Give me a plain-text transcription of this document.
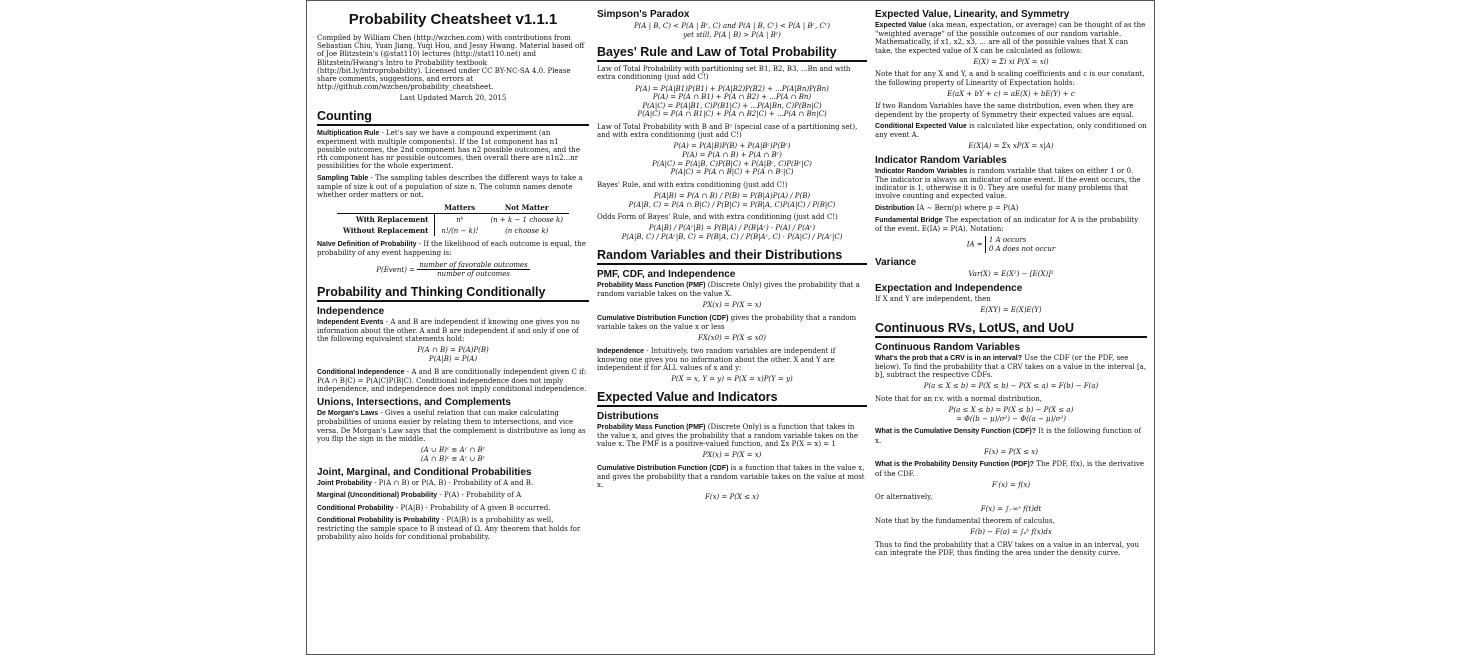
Probability Cheatsheet v1.1.1

Compiled by William Chen (http://wzchen.com) with contributions from Sebastian Chiu, Yuan Jiang, Yuqi Hou, and Jessy Hwang. Material based off of Joe Blitzstein's (@stat110) lectures (http://stat110.net) and Blitzstein/Hwang's Intro to Probability textbook (http://bit.ly/introprobability). Licensed under CC BY-NC-SA 4.0. Please share comments, suggestions, and errors at http://github.com/wzchen/probability_cheatsheet.

Last Updated March 20, 2015

Counting

Multiplication Rule - Let's say we have a compound experiment (an experiment with multiple components). If the 1st component has n1 possible outcomes, the 2nd component has n2 possible outcomes, and the rth component has nr possible outcomes, then overall there are n1n2...nr possibilities for the whole experiment.

Sampling Table - The sampling tables describes the different ways to take a sample of size k out of a population of size n. The column names denote whether order matters or not.

	Matters	Not Matter
With Replacement	nᵏ	(n + k − 1 choose k)
Without Replacement	n!/(n − k)!	(n choose k)

Naïve Definition of Probability - If the likelihood of each outcome is equal, the probability of any event happening is:

P(Event) = $\frac{\text{number of favorable outcomes}}{\text{number of outcomes}}$
Probability and Thinking Conditionally
Independence

Independent Events - A and B are independent if knowing one gives you no information about the other. A and B are independent if and only if one of the following equivalent statements hold:

P(A ∩ B) = P(A)P(B)
P(A|B) = P(A)

Conditional Independence - A and B are conditionally independent given C if: P(A ∩ B|C) = P(A|C)P(B|C). Conditional independence does not imply independence, and independence does not imply conditional independence.

Unions, Intersections, and Complements

De Morgan's Laws - Gives a useful relation that can make calculating probabilities of unions easier by relating them to intersections, and vice versa. De Morgan's Law says that the complement is distributive as long as you flip the sign in the middle.

(A ∪ B)ᶜ ≡ Aᶜ ∩ Bᶜ
(A ∩ B)ᶜ ≡ Aᶜ ∪ Bᶜ
Joint, Marginal, and Conditional Probabilities

Joint Probability - P(A ∩ B) or P(A, B) - Probability of A and B.

Marginal (Unconditional) Probability - P(A) - Probability of A

Conditional Probability - P(A|B) - Probability of A given B occurred.

Conditional Probability is Probability - P(A|B) is a probability as well, restricting the sample space to B instead of Ω. Any theorem that holds for probability also holds for conditional probability.

Simpson's Paradox
P(A | B, C) < P(A | Bᶜ, C) and P(A | B, Cᶜ) < P(A | Bᶜ, Cᶜ)
yet still, P(A | B) > P(A | Bᶜ)
Bayes' Rule and Law of Total Probability

Law of Total Probability with partitioning set B1, B2, B3, ...Bn and with extra conditioning (just add C!)

P(A) = P(A|B1)P(B1) + P(A|B2)P(B2) + ...P(A|Bn)P(Bn)
P(A) = P(A ∩ B1) + P(A ∩ B2) + ...P(A ∩ Bn)
P(A|C) = P(A|B1, C)P(B1|C) + ...P(A|Bn, C)P(Bn|C)
P(A|C) = P(A ∩ B1|C) + P(A ∩ B2|C) + ...P(A ∩ Bn|C)

Law of Total Probability with B and Bᶜ (special case of a partitioning set), and with extra conditioning (just add C!)

P(A) = P(A|B)P(B) + P(A|Bᶜ)P(Bᶜ)
P(A) = P(A ∩ B) + P(A ∩ Bᶜ)
P(A|C) = P(A|B, C)P(B|C) + P(A|Bᶜ, C)P(Bᶜ|C)
P(A|C) = P(A ∩ B|C) + P(A ∩ Bᶜ|C)

Bayes' Rule, and with extra conditioning (just add C!)

P(A|B) = P(A ∩ B) / P(B) = P(B|A)P(A) / P(B)
P(A|B, C) = P(A ∩ B|C) / P(B|C) = P(B|A, C)P(A|C) / P(B|C)

Odds Form of Bayes' Rule, and with extra conditioning (just add C!)

P(A|B) / P(Aᶜ|B) = P(B|A) / P(B|Aᶜ) · P(A) / P(Aᶜ)
P(A|B, C) / P(Aᶜ|B, C) = P(B|A, C) / P(B|Aᶜ, C) · P(A|C) / P(Aᶜ|C)
Random Variables and their Distributions
PMF, CDF, and Independence

Probability Mass Function (PMF) (Discrete Only) gives the probability that a random variable takes on the value X.

PX(x) = P(X = x)

Cumulative Distribution Function (CDF) gives the probability that a random variable takes on the value x or less

FX(x0) = P(X ≤ x0)

Independence - Intuitively, two random variables are independent if knowing one gives you no information about the other. X and Y are independent if for ALL values of x and y:

P(X = x, Y = y) = P(X = x)P(Y = y)
Expected Value and Indicators
Distributions

Probability Mass Function (PMF) (Discrete Only) is a function that takes in the value x, and gives the probability that a random variable takes on the value x. The PMF is a positive-valued function, and Σx P(X = x) = 1

PX(x) = P(X = x)

Cumulative Distribution Function (CDF) is a function that takes in the value x, and gives the probability that a random variable takes on the value at most x.

F(x) = P(X ≤ x)
Expected Value, Linearity, and Symmetry

Expected Value (aka mean, expectation, or average) can be thought of as the "weighted average" of the possible outcomes of our random variable. Mathematically, if x1, x2, x3, ... are all of the possible values that X can take, the expected value of X can be calculated as follows:

E(X) = Σi xi P(X = xi)

Note that for any X and Y, a and b scaling coefficients and c is our constant, the following property of Linearity of Expectation holds:

E(aX + bY + c) = aE(X) + bE(Y) + c

If two Random Variables have the same distribution, even when they are dependent by the property of Symmetry their expected values are equal.

Conditional Expected Value is calculated like expectation, only conditioned on any event A.

E(X|A) = Σx xP(X = x|A)
Indicator Random Variables

Indicator Random Variables is random variable that takes on either 1 or 0. The indicator is always an indicator of some event. If the event occurs, the indicator is 1, otherwise it is 0. They are useful for many problems that involve counting and expected value.

Distribution IA ∼ Bern(p) where p = P(A)

Fundamental Bridge The expectation of an indicator for A is the probability of the event. E(IA) = P(A). Notation:

IA =
1 A occurs
0 A does not occur
Variance
Var(X) = E(X²) − [E(X)]²
Expectation and Independence

If X and Y are independent, then

E(XY) = E(X)E(Y)
Continuous RVs, LotUS, and UoU
Continuous Random Variables

What's the prob that a CRV is in an interval? Use the CDF (or the PDF, see below). To find the probability that a CRV takes on a value in the interval [a, b], subtract the respective CDFs.

P(a ≤ X ≤ b) = P(X ≤ b) − P(X ≤ a) = F(b) − F(a)

Note that for an r.v. with a normal distribution,

P(a ≤ X ≤ b) = P(X ≤ b) − P(X ≤ a)
= Φ((b − μ)/σ²) − Φ((a − μ)/σ²)

What is the Cumulative Density Function (CDF)? It is the following function of x.

F(x) = P(X ≤ x)

What is the Probability Density Function (PDF)? The PDF, f(x), is the derivative of the CDF.

F′(x) = f(x)

Or alternatively,

F(x) = ∫₋∞ˣ f(t)dt

Note that by the fundamental theorem of calculus,

F(b) − F(a) = ∫ₐᵇ f(x)dx

Thus to find the probability that a CRV takes on a value in an interval, you can integrate the PDF, thus finding the area under the density curve.
